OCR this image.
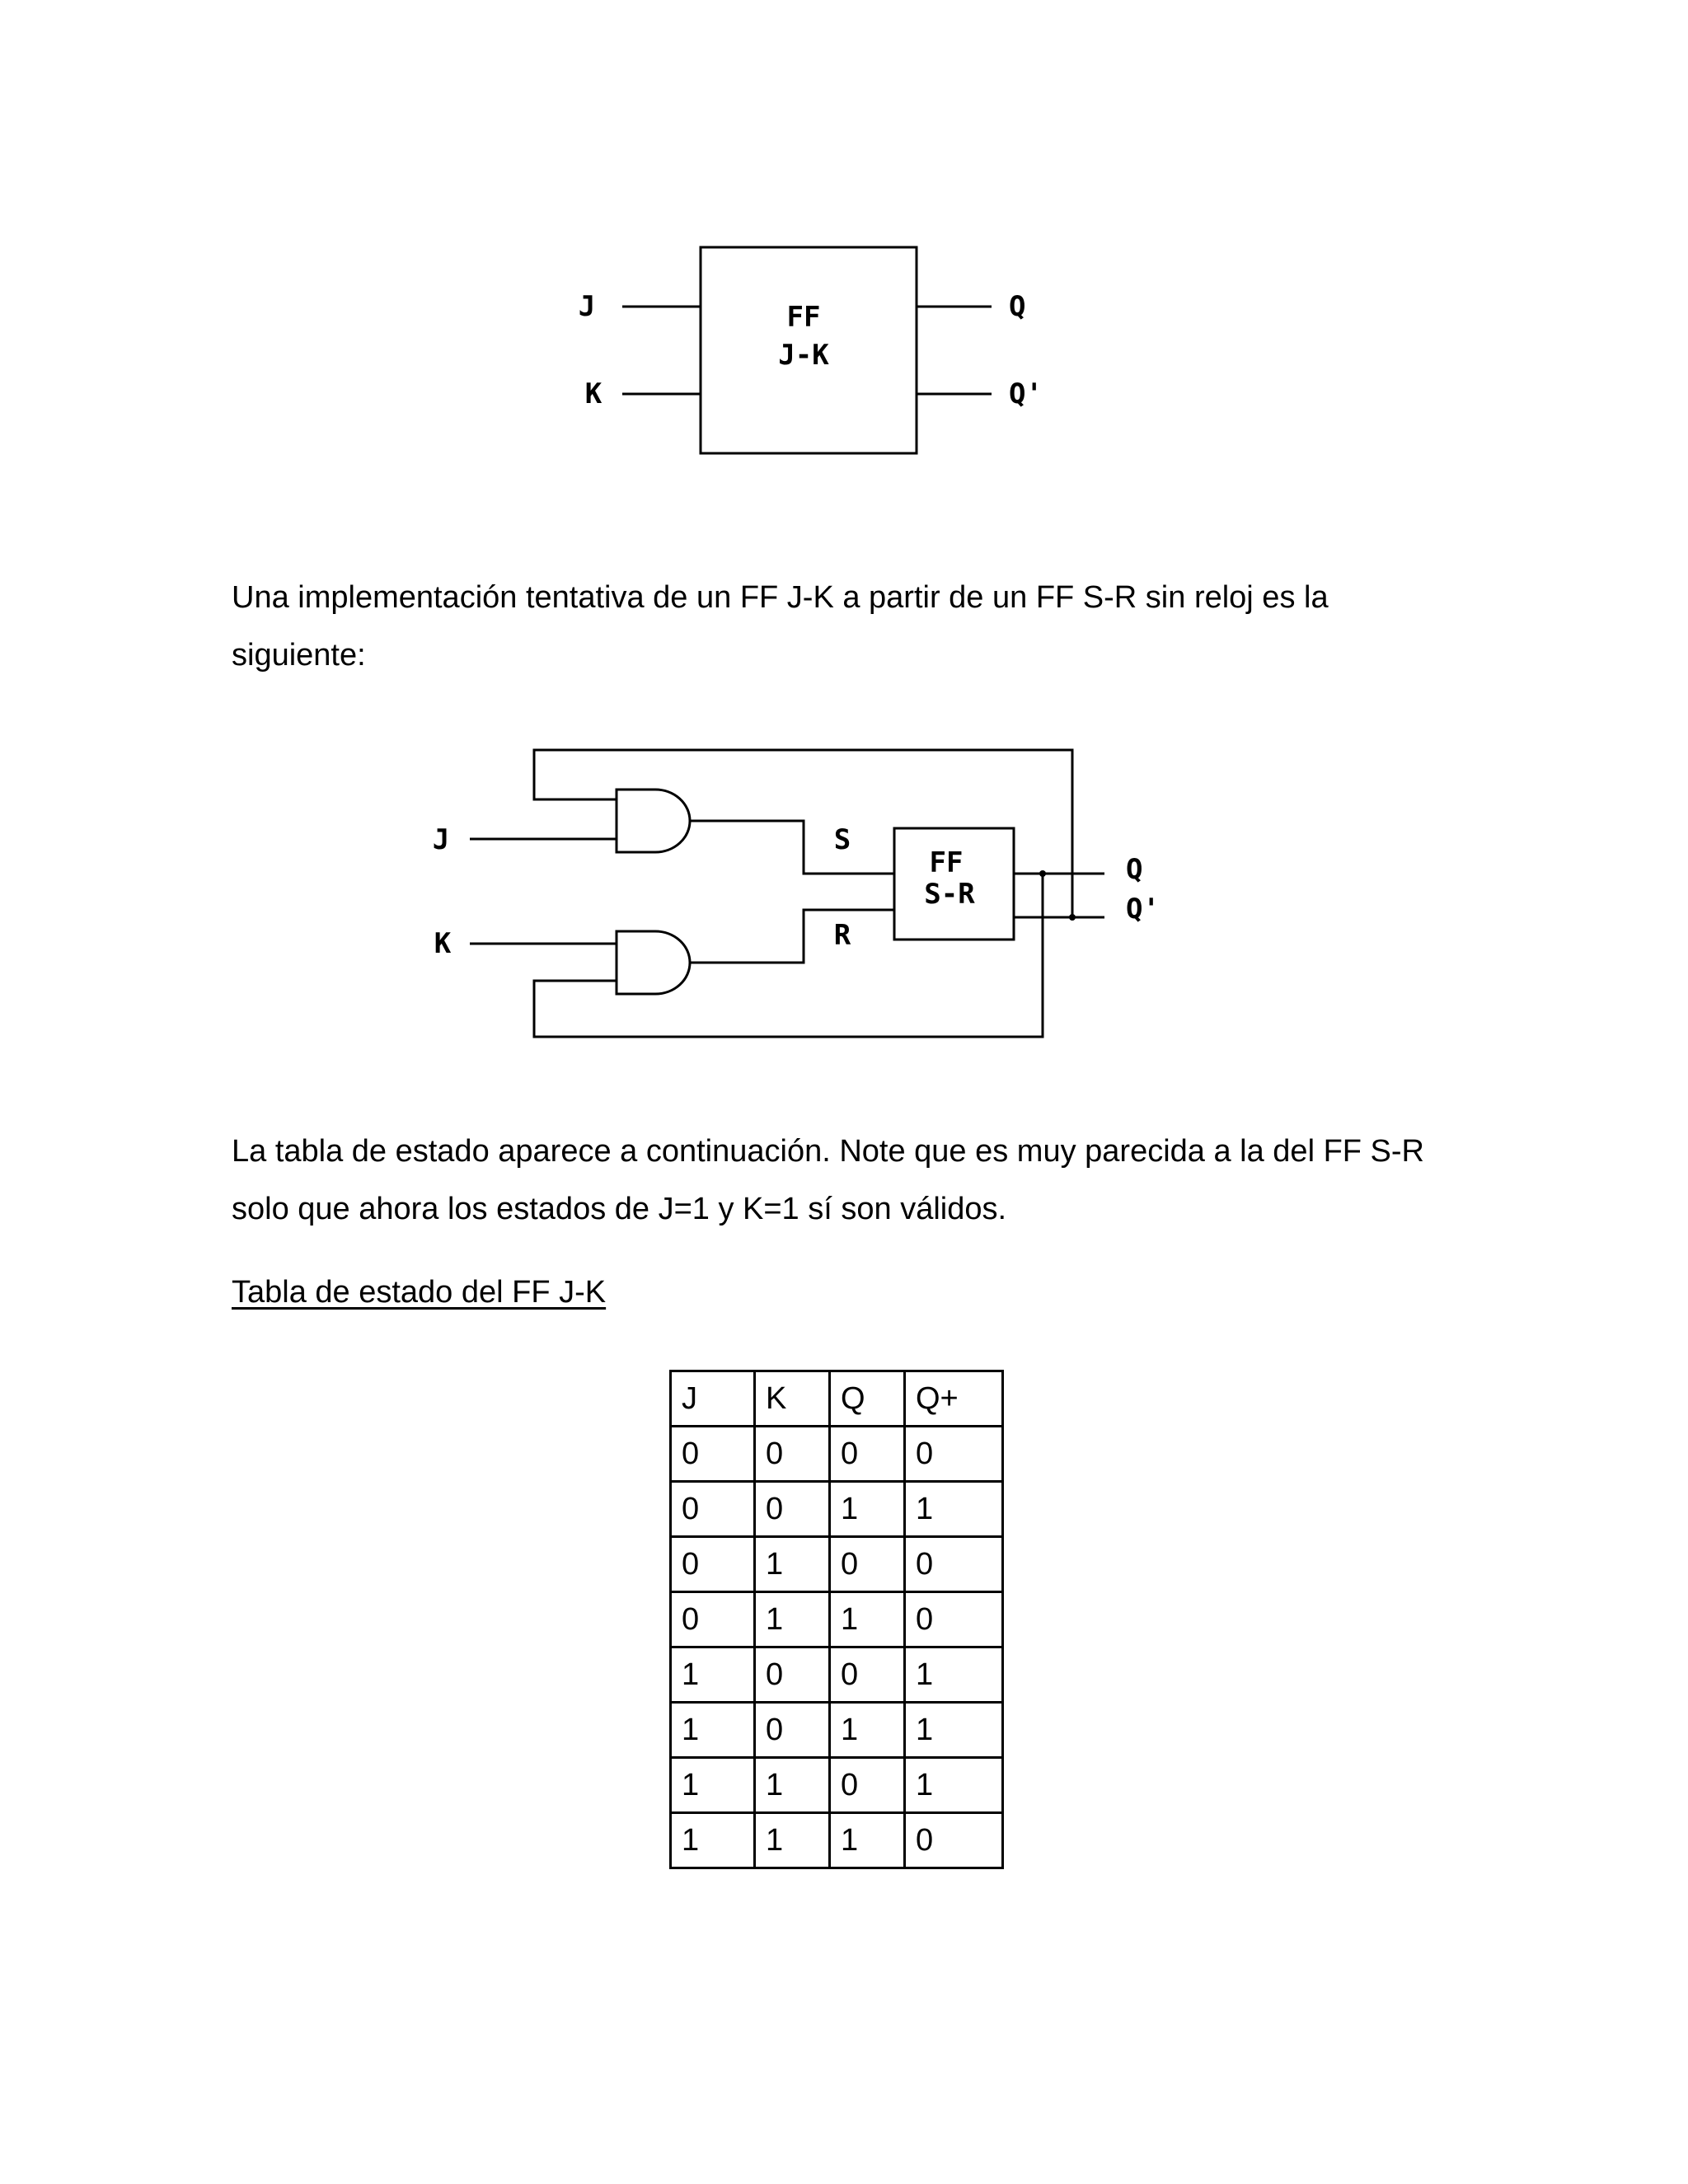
FF
J-K
J
K
Q
Q'

Una implementación tentativa de un FF J-K a partir de un FF S-R sin reloj es la siguiente:

J
K
S
R
FF
S-R
Q
Q'

La tabla de estado aparece a continuación. Note que es muy parecida a la del FF S-R solo que ahora los estados de J=1 y K=1 sí son válidos.

Tabla de estado del FF J-K

J	K	Q	Q+
0	0	0	0
0	0	1	1
0	1	0	0
0	1	1	0
1	0	0	1
1	0	1	1
1	1	0	1
1	1	1	0
